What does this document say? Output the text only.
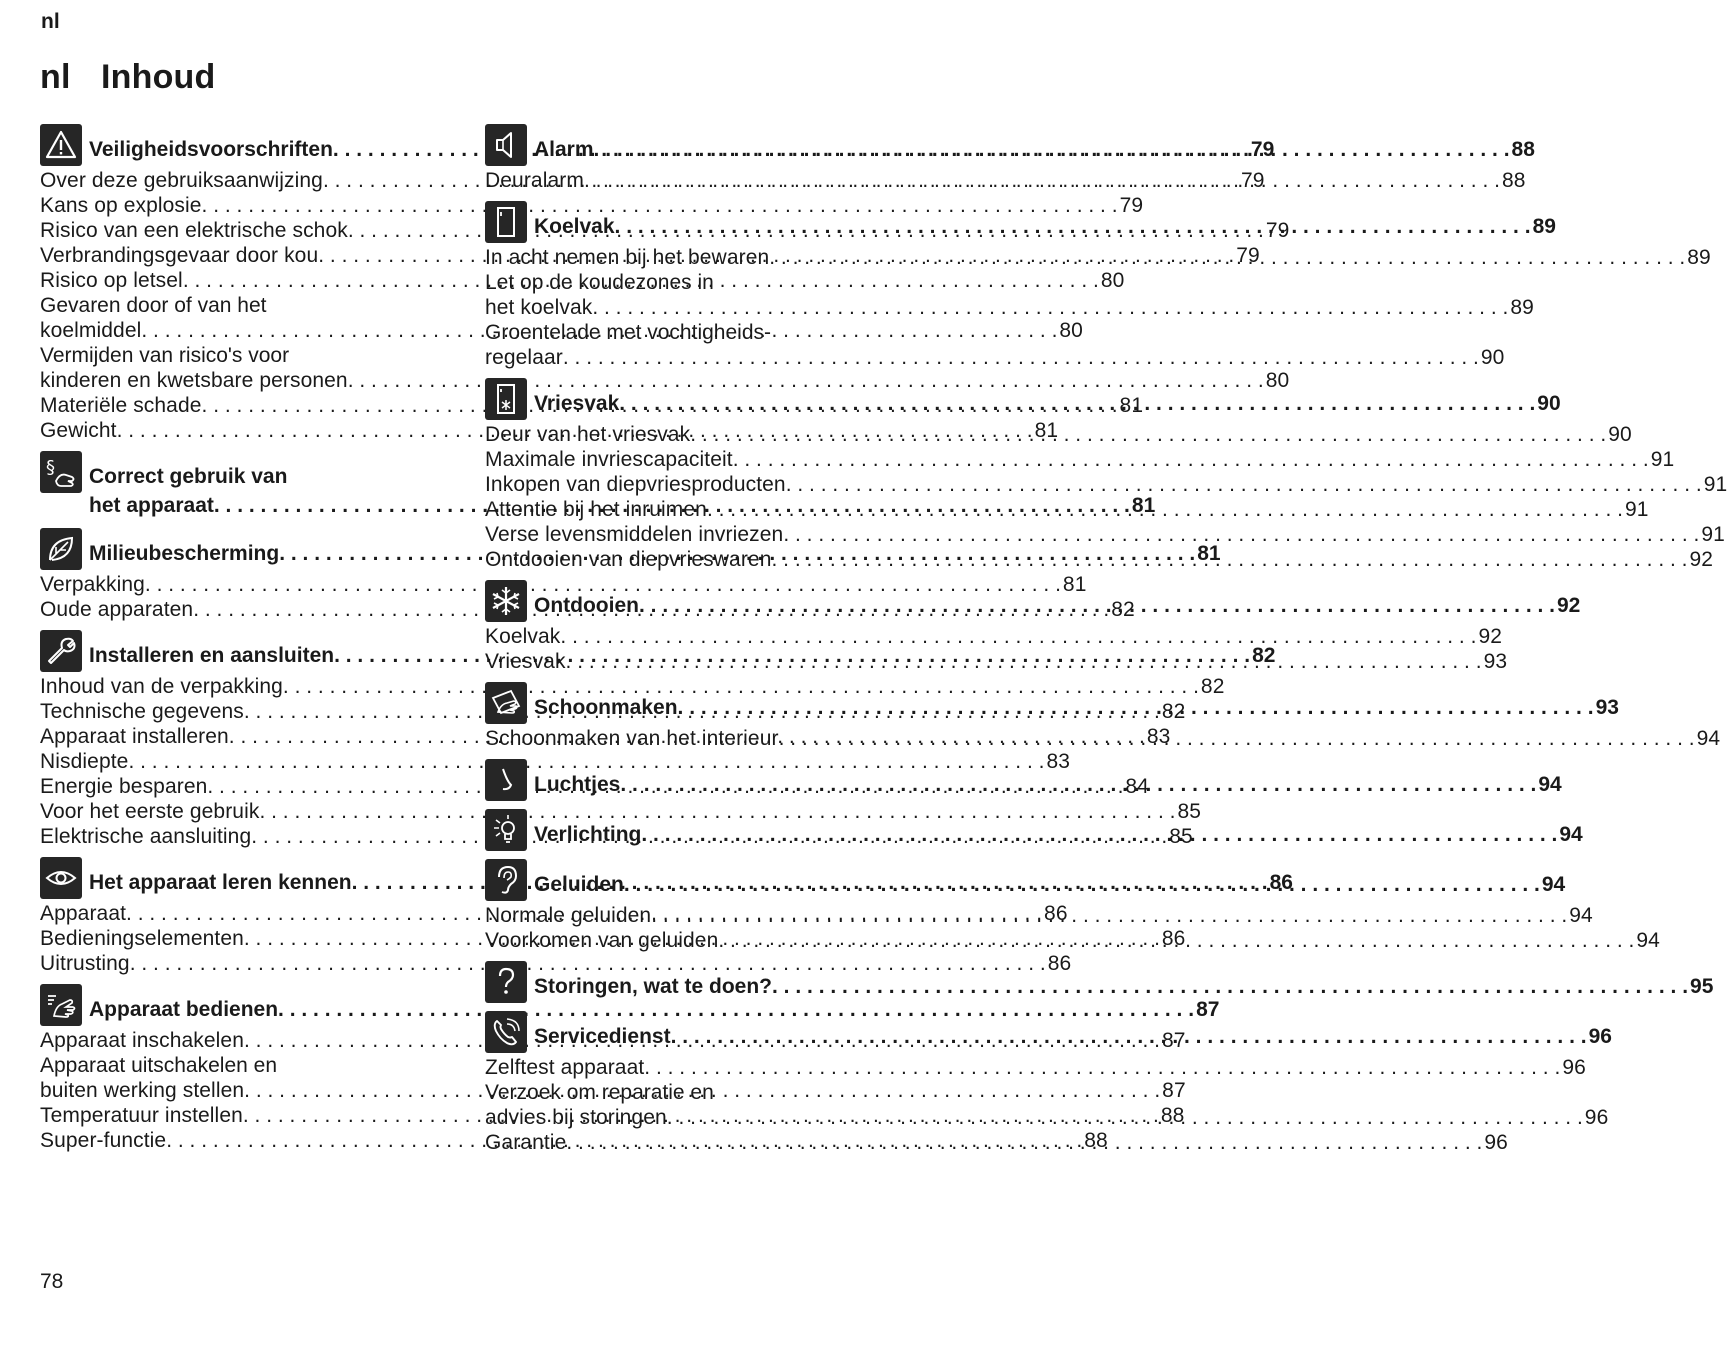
nl
nl Inhoud
Veiligheidsvoorschriften . . .	79
Over deze gebruiksaanwijzing . . .	79
Kans op explosie . . .	79
Risico van een elektrische schok . . .	79
Verbrandingsgevaar door kou . . .	79
Risico op letsel . . .	80
Gevaren door of van het
koelmiddel . . .	80
Vermijden van risico's voor
kinderen en kwetsbare personen . . .	80
Materiële schade . . .	81
Gewicht . . .	81
§ Correct gebruik van
het apparaat . . .	81
Milieubescherming . . .	81
Verpakking . . .	81
Oude apparaten . . .	82
Installeren en aansluiten . . .	82
Inhoud van de verpakking . . .	82
Technische gegevens . . .	82
Apparaat installeren . . .	83
Nisdiepte . . .	83
Energie besparen . . .	84
Voor het eerste gebruik . . .	85
Elektrische aansluiting . . .	85
Het apparaat leren kennen . . .	86
Apparaat . . .	86
Bedieningselementen . . .	86
Uitrusting . . .	86
Apparaat bedienen . . .	87
Apparaat inschakelen . . .	87
Apparaat uitschakelen en
buiten werking stellen . . .	87
Temperatuur instellen . . .	88
Super-functie . . .	88
Alarm . . .	88
Deuralarm . . .	88
Koelvak . . .	89
In acht nemen bij het bewaren . . .	89
Let op de koudezones in
het koelvak . . .	89
Groentelade met vochtigheids-
regelaar . . .	90
Vriesvak . . .	90
Deur van het vriesvak . . .	90
Maximale invriescapaciteit . . .	91
Inkopen van diepvriesproducten . . .	91
Attentie bij het inruimen . . .	91
Verse levensmiddelen invriezen . . .	91
Ontdooien van diepvrieswaren . . .	92
Ontdooien . . .	92
Koelvak . . .	92
Vriesvak . . .	93
Schoonmaken . . .	93
Schoonmaken van het interieur . . .	94
Luchtjes . . .	94
Verlichting . . .	94
Geluiden . . .	94
Normale geluiden . . .	94
Voorkomen van geluiden . . .	94
Storingen, wat te doen? . . .	95
Servicedienst . . .	96
Zelftest apparaat . . .	96
Verzoek om reparatie en
advies bij storingen . . .	96
Garantie . . .	96
78
